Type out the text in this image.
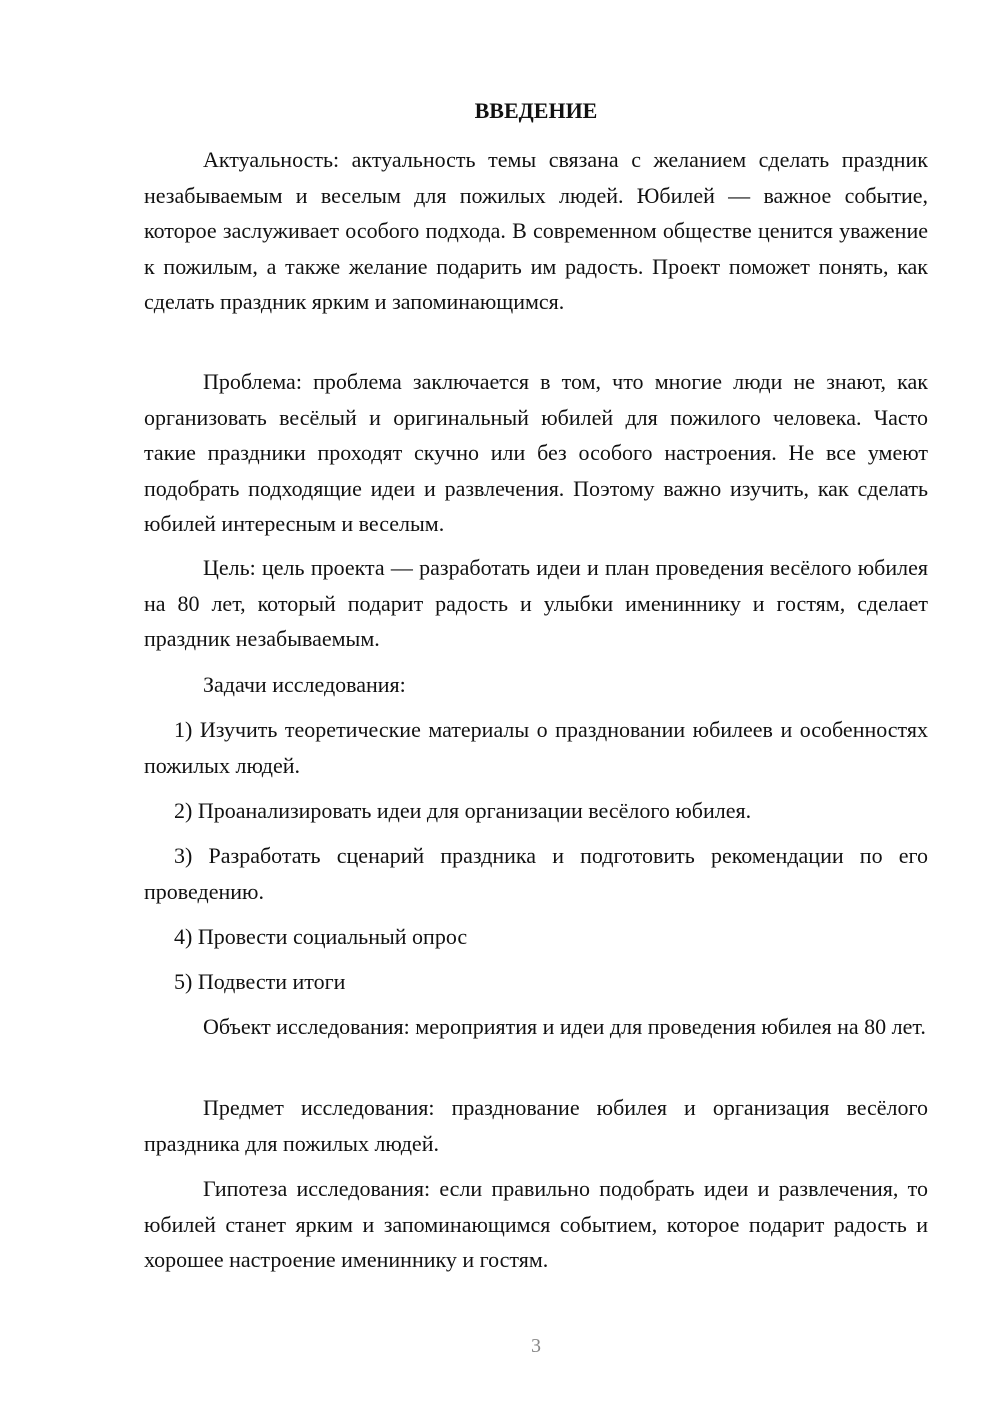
ВВЕДЕНИЕ

Актуальность: актуальность темы связана с желанием сделать праздник незабываемым и веселым для пожилых людей. Юбилей — важное событие, которое заслуживает особого подхода. В современном обществе ценится уважение к пожилым, а также желание подарить им радость. Проект поможет понять, как сделать праздник ярким и запоминающимся.

Проблема: проблема заключается в том, что многие люди не знают, как организовать весёлый и оригинальный юбилей для пожилого человека. Часто такие праздники проходят скучно или без особого настроения. Не все умеют подобрать подходящие идеи и развлечения. Поэтому важно изучить, как сделать юбилей интересным и веселым.

Цель: цель проекта — разработать идеи и план проведения весёлого юбилея на 80 лет, который подарит радость и улыбки имениннику и гостям, сделает праздник незабываемым.

Задачи исследования:

1) Изучить теоретические материалы о праздновании юбилеев и особенностях пожилых людей.

2) Проанализировать идеи для организации весёлого юбилея.

3) Разработать сценарий праздника и подготовить рекомендации по его проведению.

4) Провести социальный опрос

5) Подвести итоги

Объект исследования: мероприятия и идеи для проведения юбилея на 80 лет.

Предмет исследования: празднование юбилея и организация весёлого праздника для пожилых людей.

Гипотеза исследования: если правильно подобрать идеи и развлечения, то юбилей станет ярким и запоминающимся событием, которое подарит радость и хорошее настроение имениннику и гостям.

3
